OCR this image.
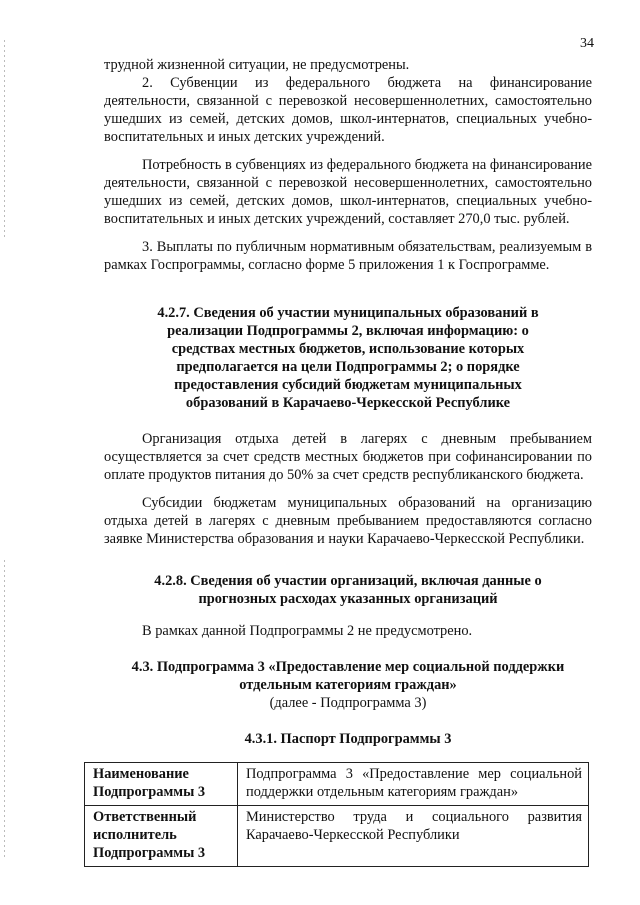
34

трудной жизненной ситуации, не предусмотрены.

2. Субвенции из федерального бюджета на финансирование деятельности, связанной с перевозкой несовершеннолетних, самостоятельно ушедших из семей, детских домов, школ-интернатов, специальных учебно-воспитательных и иных детских учреждений.

Потребность в субвенциях из федерального бюджета на финансирование деятельности, связанной с перевозкой несовершеннолетних, самостоятельно ушедших из семей, детских домов, школ-интернатов, специальных учебно-воспитательных и иных детских учреждений, составляет 270,0 тыс. рублей.

3. Выплаты по публичным нормативным обязательствам, реализуемым в рамках Госпрограммы, согласно форме 5 приложения 1 к Госпрограмме.

4.2.7. Сведения об участии муниципальных образований в реализации Подпрограммы 2, включая информацию: о средствах местных бюджетов, использование которых предполагается на цели Подпрограммы 2; о порядке предоставления субсидий бюджетам муниципальных образований в Карачаево-Черкесской Республике

Организация отдыха детей в лагерях с дневным пребыванием осуществляется за счет средств местных бюджетов при софинансировании по оплате продуктов питания до 50% за счет средств республиканского бюджета.

Субсидии бюджетам муниципальных образований на организацию отдыха детей в лагерях с дневным пребыванием предоставляются согласно заявке Министерства образования и науки Карачаево-Черкесской Республики.

4.2.8. Сведения об участии организаций, включая данные о прогнозных расходах указанных организаций

В рамках данной Подпрограммы 2 не предусмотрено.

4.3. Подпрограмма 3 «Предоставление мер социальной поддержки отдельным категориям граждан»
(далее - Подпрограмма 3)
4.3.1. Паспорт Подпрограммы 3
Наименование Подпрограммы 3	Подпрограмма 3 «Предоставление мер социальной поддержки отдельным категориям граждан»
Ответственный исполнитель Подпрограммы 3	Министерство труда и социального развития Карачаево-Черкесской Республики
